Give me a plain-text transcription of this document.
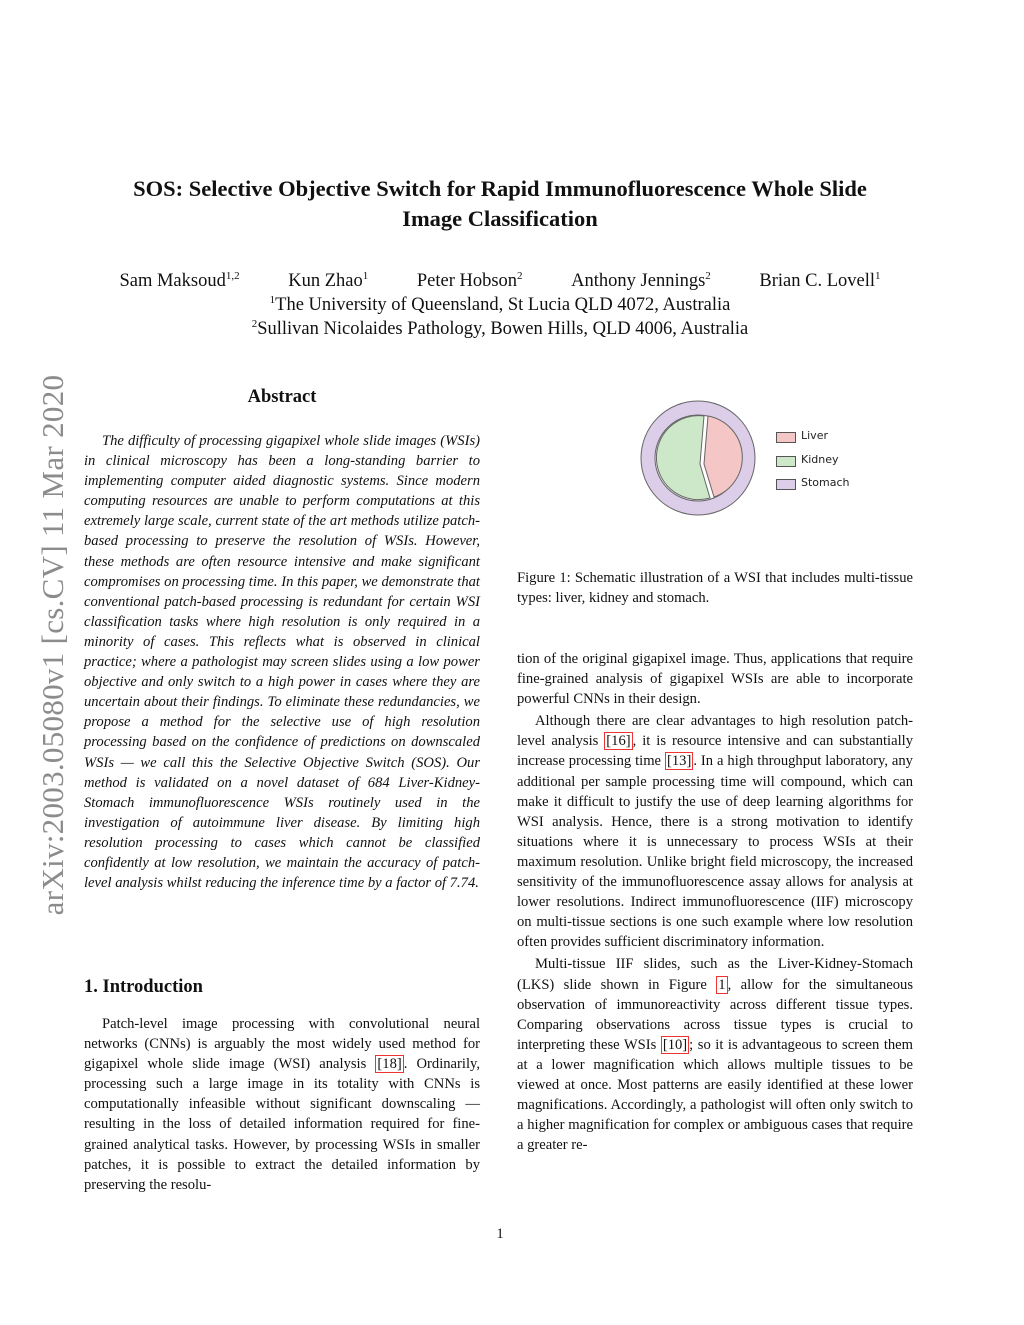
arXiv:2003.05080v1 [cs.CV] 11 Mar 2020
SOS: Selective Objective Switch for Rapid Immunofluorescence Whole Slide
Image Classification
Sam Maksoud$^{1,2}$	Kun Zhao$^1$	Peter Hobson$^2$	Anthony Jennings$^2$	Brian C. Lovell$^1$
$^1$The University of Queensland, St Lucia QLD 4072, Australia
$^2$Sullivan Nicolaides Pathology, Bowen Hills, QLD 4006, Australia
Abstract

The difficulty of processing gigapixel whole slide images (WSIs) in clinical microscopy has been a long-standing barrier to implementing computer aided diagnostic systems. Since modern computing resources are unable to perform computations at this extremely large scale, current state of the art methods utilize patch-based processing to preserve the resolution of WSIs. However, these methods are often resource intensive and make significant compromises on processing time. In this paper, we demonstrate that conventional patch-based processing is redundant for certain WSI classification tasks where high resolution is only required in a minority of cases. This reflects what is observed in clinical practice; where a pathologist may screen slides using a low power objective and only switch to a high power in cases where they are uncertain about their findings. To eliminate these redundancies, we propose a method for the selective use of high resolution processing based on the confidence of predictions on downscaled WSIs — we call this the Selective Objective Switch (SOS). Our method is validated on a novel dataset of 684 Liver-Kidney-Stomach immunofluorescence WSIs routinely used in the investigation of autoimmune liver disease. By limiting high resolution processing to cases which cannot be classified confidently at low resolution, we maintain the accuracy of patch-level analysis whilst reducing the inference time by a factor of 7.74.

1. Introduction

Patch-level image processing with convolutional neural networks (CNNs) is arguably the most widely used method for gigapixel whole slide image (WSI) analysis [18] . Ordinarily, processing such a large image in its totality with CNNs is computationally infeasible without significant downscaling — resulting in the loss of detailed information required for fine-grained analytical tasks. However, by processing WSIs in smaller patches, it is possible to extract the detailed information by preserving the resolu-

Liver
Kidney
Stomach
Figure 1: Schematic illustration of a WSI that includes multi-tissue types: liver, kidney and stomach.

tion of the original gigapixel image. Thus, applications that require fine-grained analysis of gigapixel WSIs are able to incorporate powerful CNNs in their design.

Although there are clear advantages to high resolution patch-level analysis [16] , it is resource intensive and can substantially increase processing time [13] . In a high throughput laboratory, any additional per sample processing time will compound, which can make it difficult to justify the use of deep learning algorithms for WSI analysis. Hence, there is a strong motivation to identify situations where it is unnecessary to process WSIs at their maximum resolution. Unlike bright field microscopy, the increased sensitivity of the immunofluorescence assay allows for analysis at lower resolutions. Indirect immunofluorescence (IIF) microscopy on multi-tissue sections is one such example where low resolution often provides sufficient discriminatory information.

Multi-tissue IIF slides, such as the Liver-Kidney-Stomach (LKS) slide shown in Figure 1 , allow for the simultaneous observation of immunoreactivity across different tissue types. Comparing observations across tissue types is crucial to interpreting these WSIs [10] ; so it is advantageous to screen them at a lower magnification which allows multiple tissues to be viewed at once. Most patterns are easily identified at these lower magnifications. Accordingly, a pathologist will often only switch to a higher magnification for complex or ambiguous cases that require a greater re-

1
